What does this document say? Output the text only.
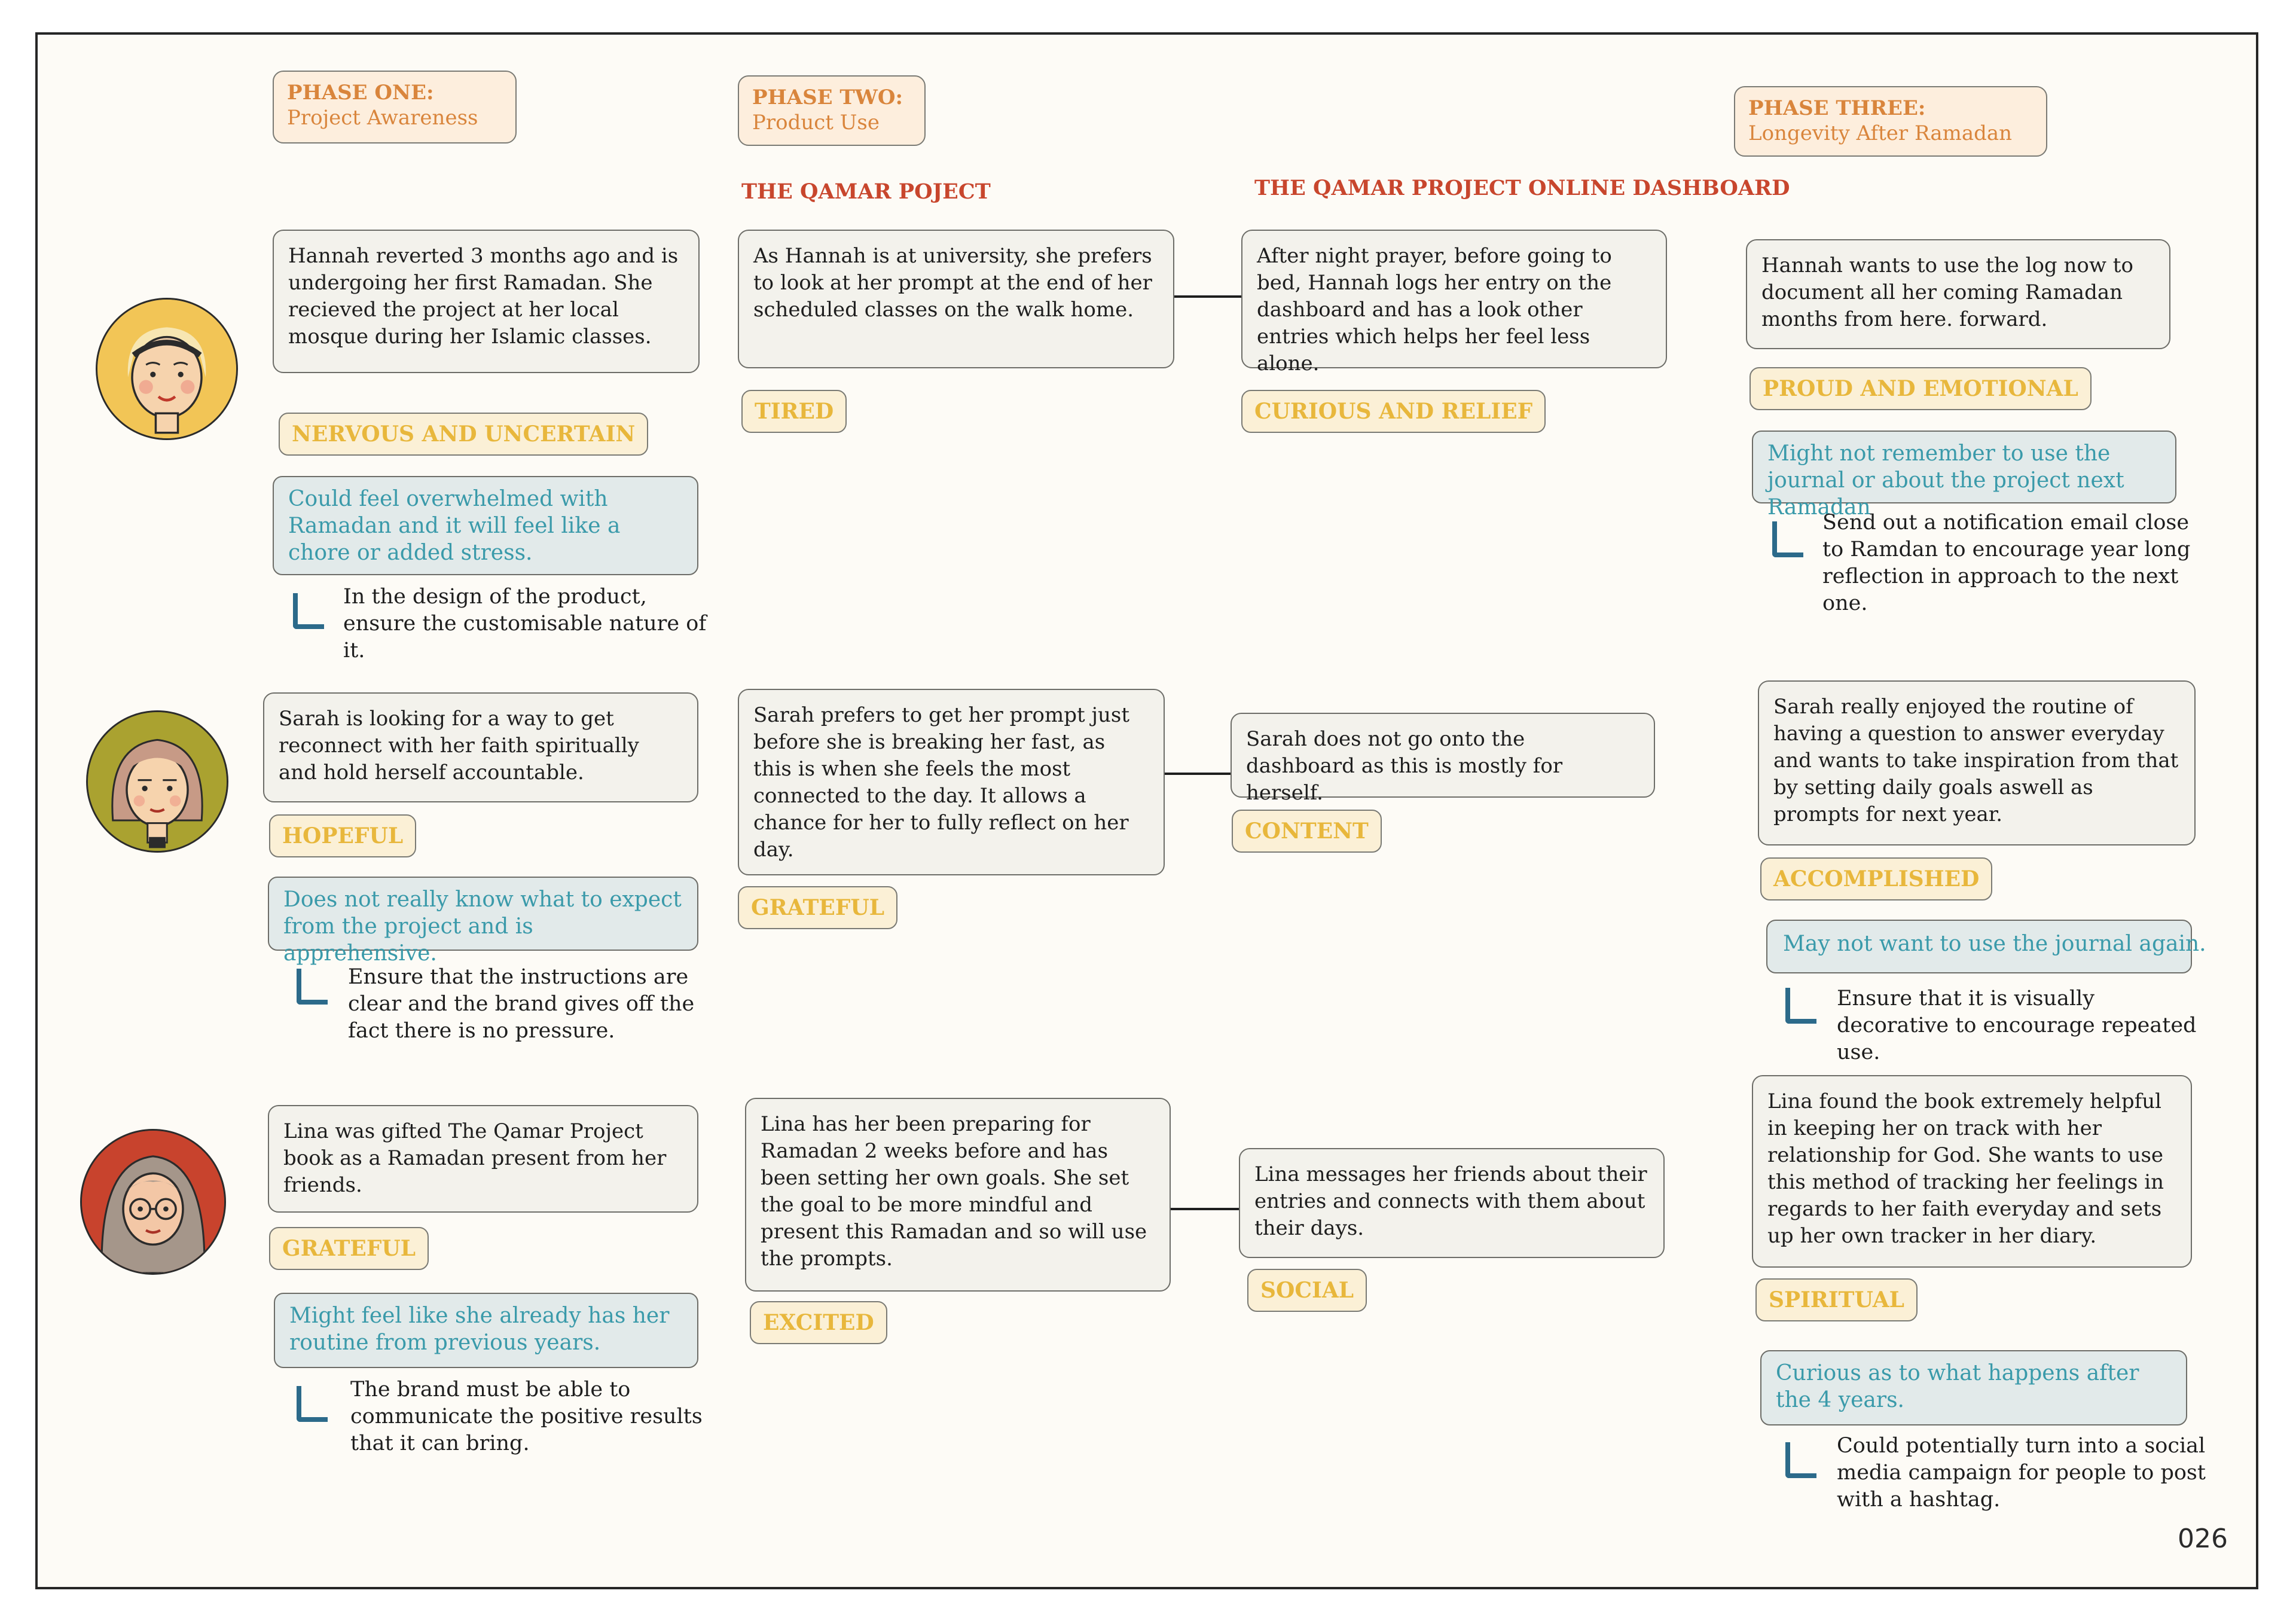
PHASE ONE:
Project Awareness
PHASE TWO:
Product Use
PHASE THREE:
Longevity After Ramadan
THE QAMAR POJECT	THE QAMAR PROJECT ONLINE DASHBOARD
Hannah reverted 3 months ago and is undergoing her first Ramadan. She recieved the project at her local mosque during her Islamic classes.
NERVOUS AND UNCERTAIN
Could feel overwhelmed with Ramadan and it will feel like a chore or added stress.
In the design of the product, ensure the customisable nature of it.
As Hannah is at university, she prefers to look at her prompt at the end of her scheduled classes on the walk home.
TIRED
After night prayer, before going to bed, Hannah logs her entry on the dashboard and has a look other entries which helps her feel less alone.
CURIOUS AND RELIEF
Hannah wants to use the log now to document all her coming Ramadan months from here. forward.
PROUD AND EMOTIONAL
Might not remember to use the journal or about the project next Ramadan
Send out a notification email close to Ramdan to encourage year long reflection in approach to the next one.
Sarah is looking for a way to get reconnect with her faith spiritually and hold herself accountable.
HOPEFUL
Does not really know what to expect from the project and is apprehensive.
Ensure that the instructions are clear and the brand gives off the fact there is no pressure.
Sarah prefers to get her prompt just before she is breaking her fast, as this is when she feels the most connected to the day. It allows a chance for her to fully reflect on her day.
GRATEFUL
Sarah does not go onto the dashboard as this is mostly for herself.
CONTENT
Sarah really enjoyed the routine of having a question to answer everyday and wants to take inspiration from that by setting daily goals aswell as prompts for next year.
ACCOMPLISHED
May not want to use the journal again.
Ensure that it is visually decorative to encourage repeated use.
Lina was gifted The Qamar Project book as a Ramadan present from her friends.
GRATEFUL
Might feel like she already has her routine from previous years.
The brand must be able to communicate the positive results that it can bring.
Lina has her been preparing for Ramadan 2 weeks before and has been setting her own goals. She set the goal to be more mindful and present this Ramadan and so will use the prompts.
EXCITED
Lina messages her friends about their entries and connects with them about their days.
SOCIAL
Lina found the book extremely helpful in keeping her on track with her relationship for God. She wants to use this method of tracking her feelings in regards to her faith everyday and sets up her own tracker in her diary.
SPIRITUAL
Curious as to what happens after the 4 years.
Could potentially turn into a social media campaign for people to post with a hashtag.
026
